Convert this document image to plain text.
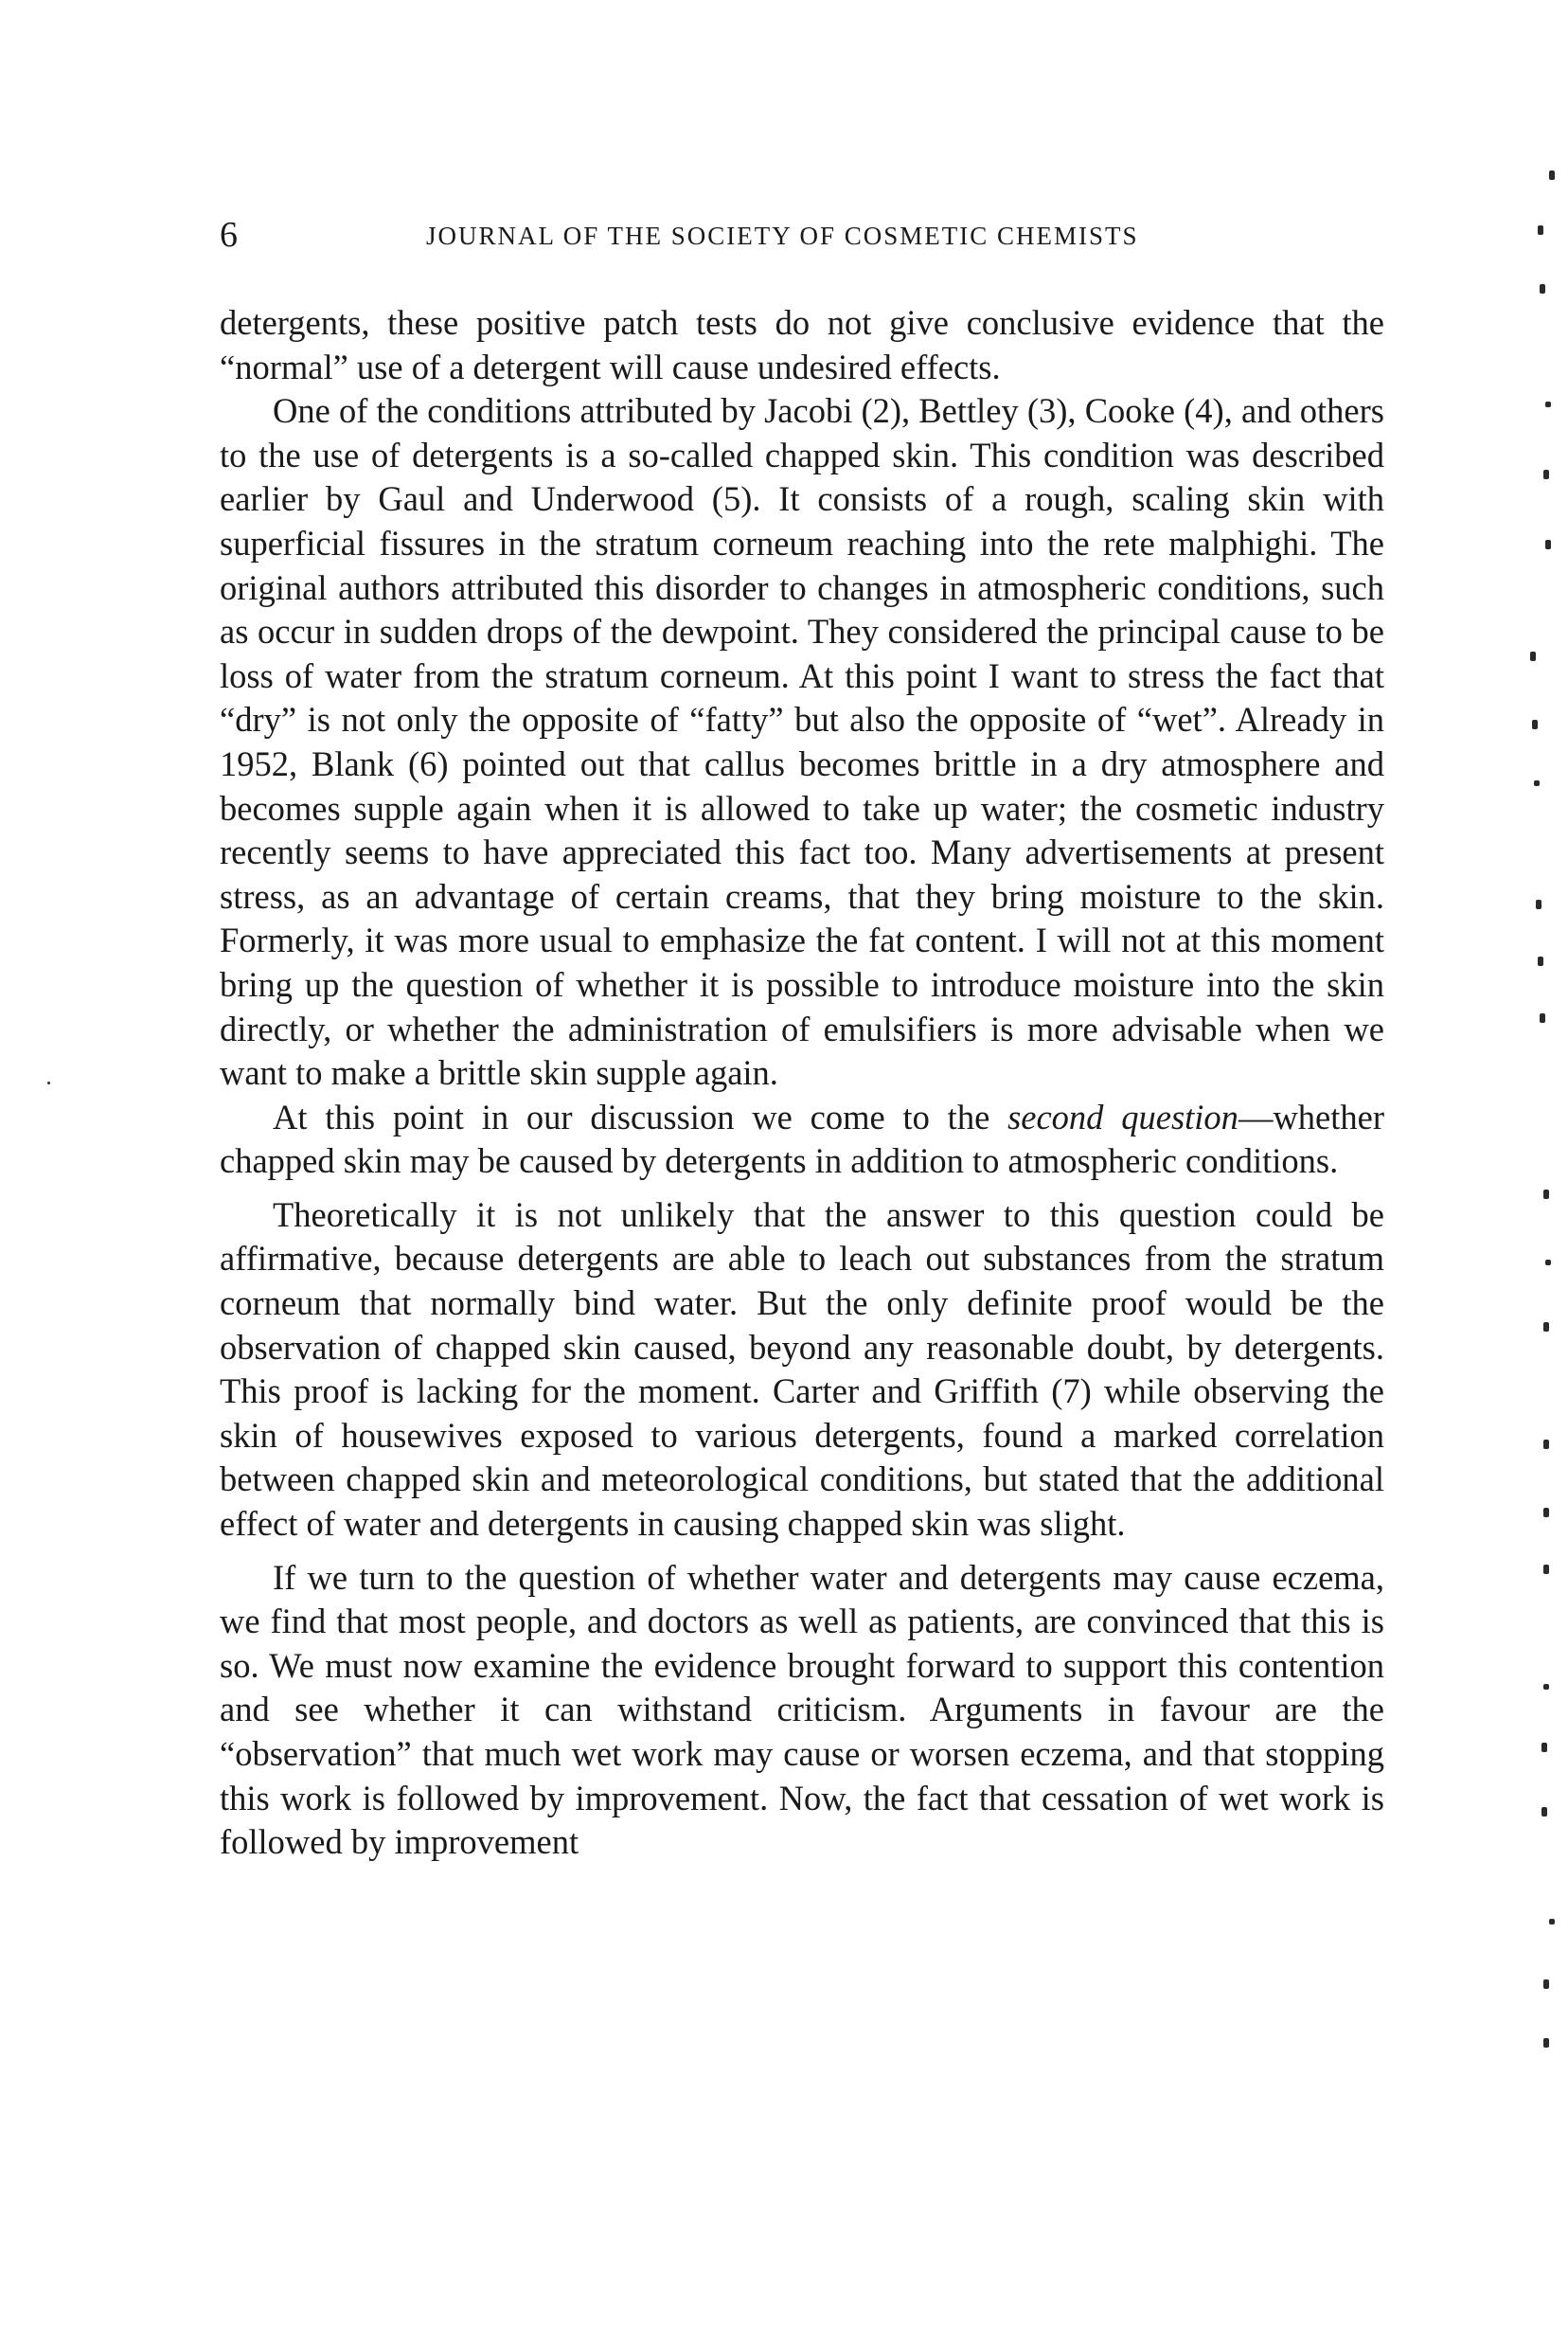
6	JOURNAL OF THE SOCIETY OF COSMETIC CHEMISTS

detergents, these positive patch tests do not give conclusive evidence that the “normal” use of a detergent will cause undesired effects.

One of the conditions attributed by Jacobi (2), Bettley (3), Cooke (4), and others to the use of detergents is a so-called chapped skin. This condition was described earlier by Gaul and Underwood (5). It consists of a rough, scaling skin with superficial fissures in the stratum corneum reaching into the rete malphighi. The original authors attributed this disorder to changes in atmospheric conditions, such as occur in sudden drops of the dewpoint. They considered the principal cause to be loss of water from the stratum corneum. At this point I want to stress the fact that “dry” is not only the opposite of “fatty” but also the opposite of “wet”. Already in 1952, Blank (6) pointed out that callus becomes brittle in a dry atmosphere and becomes supple again when it is allowed to take up water; the cosmetic industry recently seems to have appreciated this fact too. Many advertisements at present stress, as an advantage of certain creams, that they bring moisture to the skin. Formerly, it was more usual to emphasize the fat content. I will not at this moment bring up the question of whether it is possible to introduce moisture into the skin directly, or whether the administration of emulsifiers is more advisable when we want to make a brittle skin supple again.

At this point in our discussion we come to the second question—whether chapped skin may be caused by detergents in addition to atmospheric conditions.

Theoretically it is not unlikely that the answer to this question could be affirmative, because detergents are able to leach out substances from the stratum corneum that normally bind water. But the only definite proof would be the observation of chapped skin caused, beyond any reasonable doubt, by detergents. This proof is lacking for the moment. Carter and Griffith (7) while observing the skin of housewives exposed to various detergents, found a marked correlation between chapped skin and meteorological conditions, but stated that the additional effect of water and detergents in causing chapped skin was slight.

If we turn to the question of whether water and detergents may cause eczema, we find that most people, and doctors as well as patients, are convinced that this is so. We must now examine the evidence brought forward to support this contention and see whether it can withstand criticism. Arguments in favour are the “observation” that much wet work may cause or worsen eczema, and that stopping this work is followed by improvement. Now, the fact that cessation of wet work is followed by improvement
